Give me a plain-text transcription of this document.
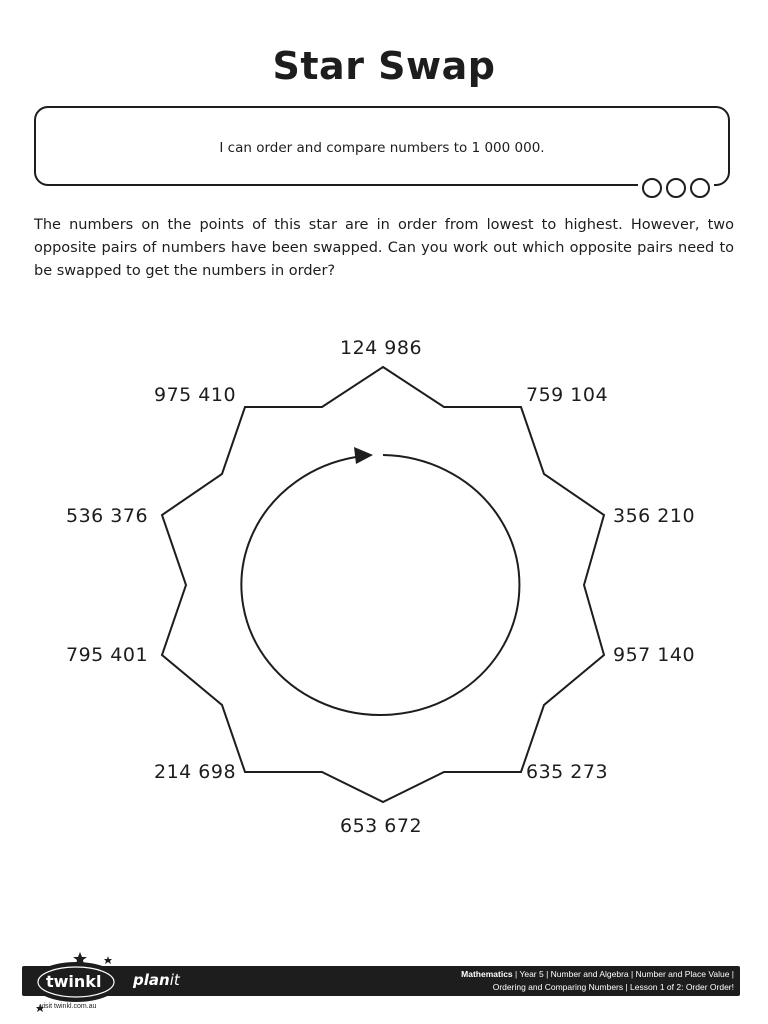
Star Swap
I can order and compare numbers to 1 000 000.
The numbers on the points of this star are in order from lowest to highest. However, two opposite pairs of numbers have been swapped. Can you work out which opposite pairs need to be swapped to get the numbers in order?
124 986
759 104
356 210
957 140
635 273
653 672
214 698
795 401
536 376
975 410
Mathematics | Year 5 | Number and Algebra | Number and Place Value |
Ordering and Comparing Numbers | Lesson 1 of 2: Order Order!
twinkl planit
visit twinkl.com.au
